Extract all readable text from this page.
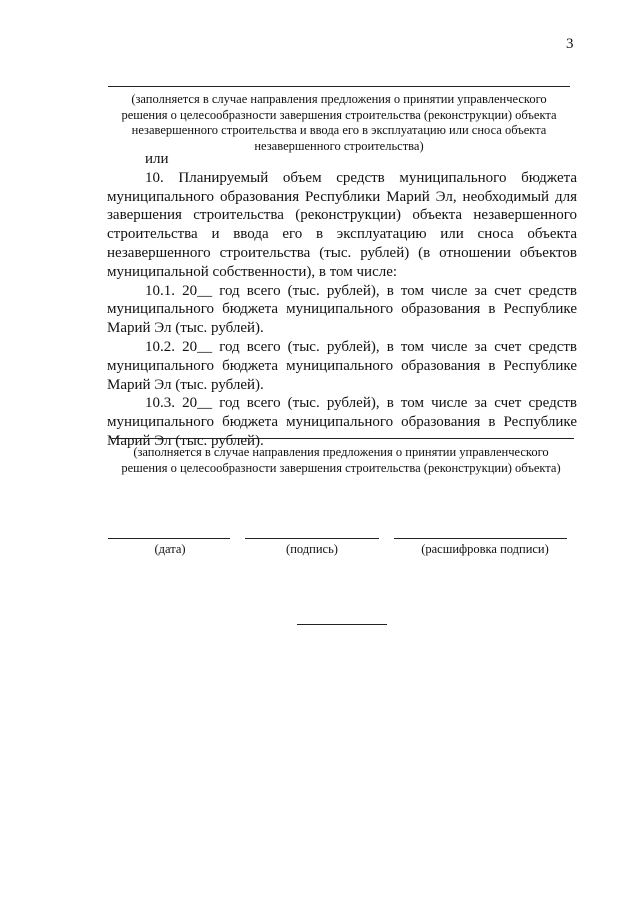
3
(заполняется в случае направления предложения о принятии управленческого решения о целесообразности завершения строительства (реконструкции) объекта незавершенного строительства и ввода его в эксплуатацию или сноса объекта незавершенного строительства)

или

10. Планируемый объем средств муниципального бюджета муниципального образования Республики Марий Эл, необходимый для завершения строительства (реконструкции) объекта незавершенного строительства и ввода его в эксплуатацию или сноса объекта незавершенного строительства (тыс. рублей) (в отношении объектов муниципальной собственности), в том числе:

10.1. 20__ год всего (тыс. рублей), в том числе за счет средств муниципального бюджета муниципального образования в Республике Марий Эл (тыс. рублей).

10.2. 20__ год всего (тыс. рублей), в том числе за счет средств муниципального бюджета муниципального образования в Республике Марий Эл (тыс. рублей).

10.3. 20__ год всего (тыс. рублей), в том числе за счет средств муниципального бюджета муниципального образования в Республике Марий Эл (тыс. рублей).

(заполняется в случае направления предложения о принятии управленческого решения о целесообразности завершения строительства (реконструкции) объекта)
(дата)	(подпись)	(расшифровка подписи)
